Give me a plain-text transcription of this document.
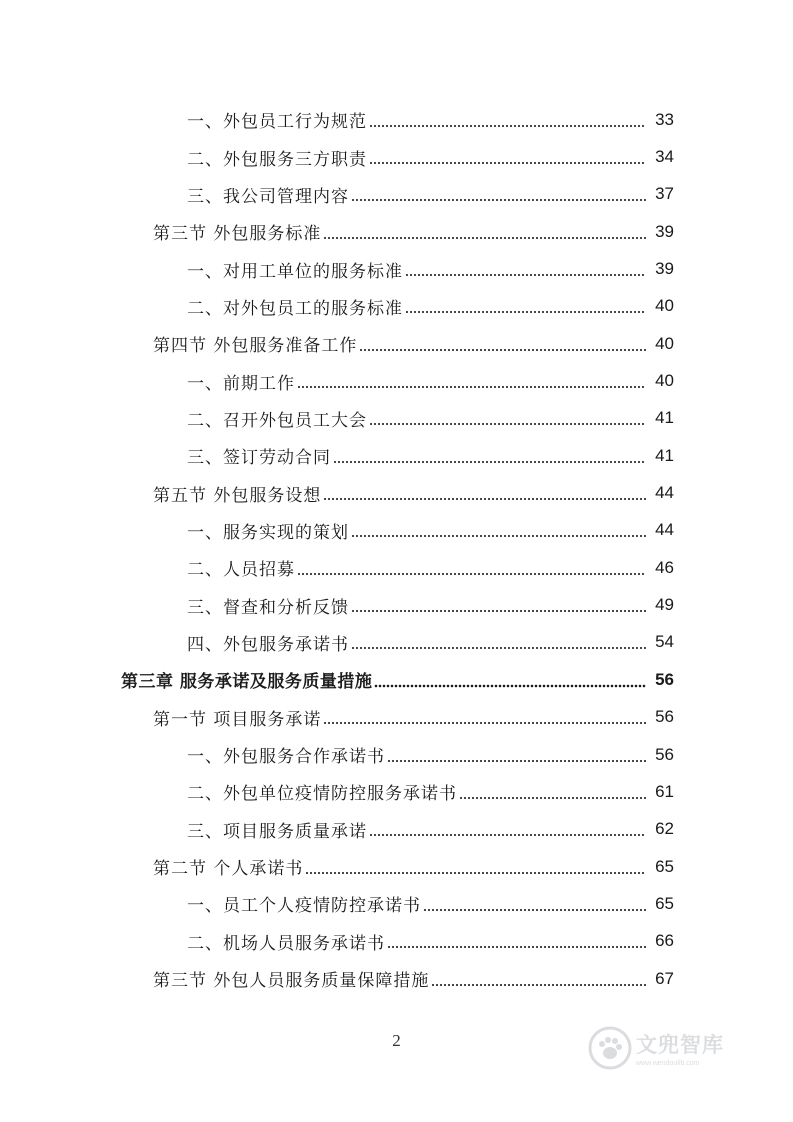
一、外包员工行为规范	33
二、外包服务三方职责	34
三、我公司管理内容	37
第三节 外包服务标准	39
一、对用工单位的服务标准	39
二、对外包员工的服务标准	40
第四节 外包服务准备工作	40
一、前期工作	40
二、召开外包员工大会	41
三、签订劳动合同	41
第五节 外包服务设想	44
一、服务实现的策划	44
二、人员招募	46
三、督查和分析反馈	49
四、外包服务承诺书	54
第三章 服务承诺及服务质量措施	56
第一节 项目服务承诺	56
一、外包服务合作承诺书	56
二、外包单位疫情防控服务承诺书	61
三、项目服务质量承诺	62
第二节 个人承诺书	65
一、员工个人疫情防控承诺书	65
二、机场人员服务承诺书	66
第三节 外包人员服务质量保障措施	67
2	文兜智库
www.wendoulib.com
